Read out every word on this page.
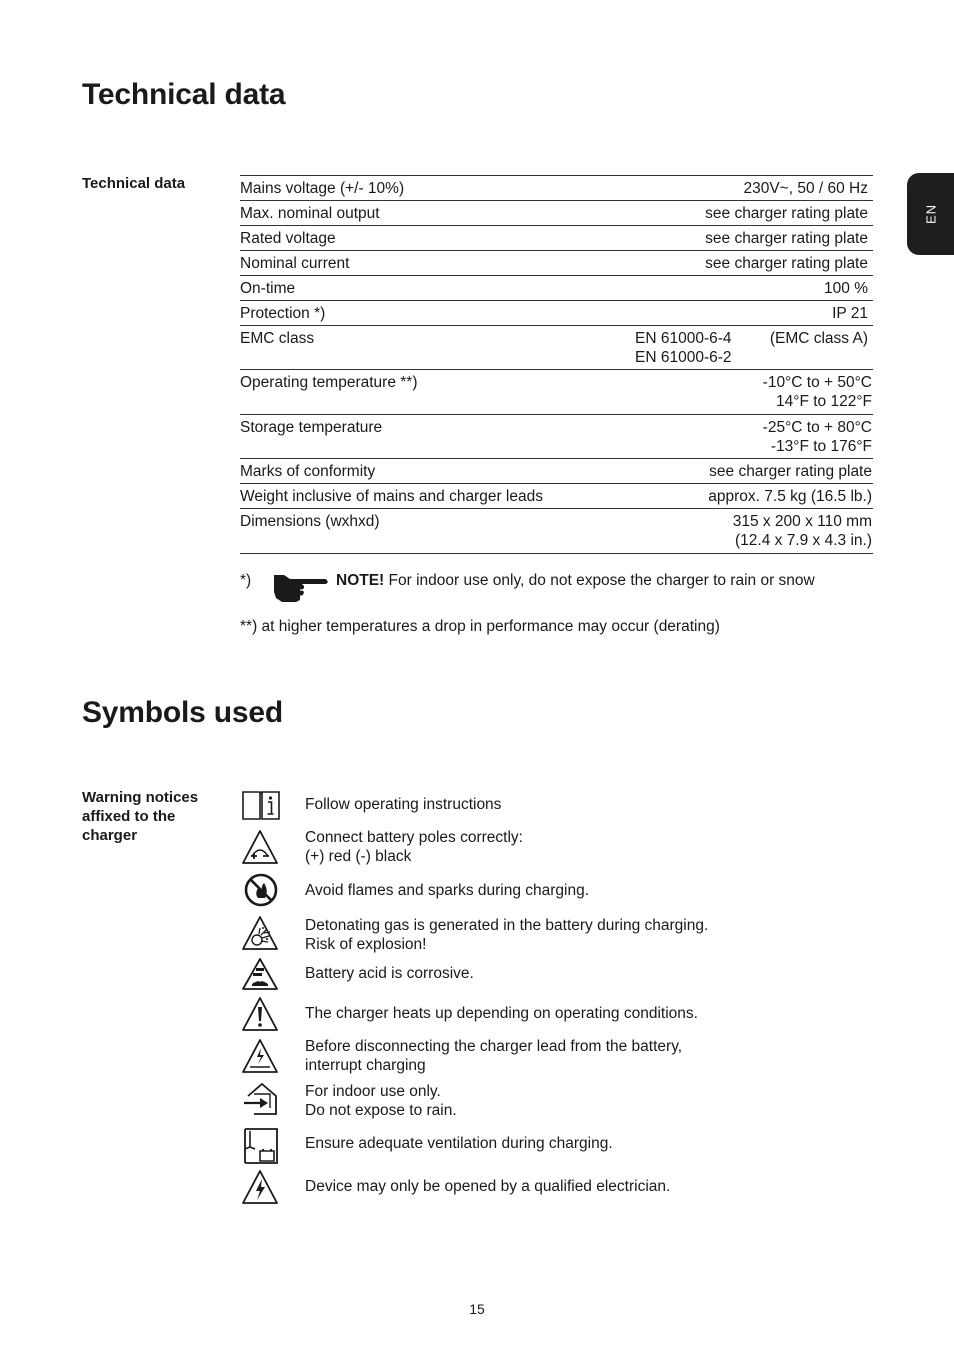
EN
Technical data
Technical data	Mains voltage (+/- 10%)	230V~, 50 / 60 Hz
Max. nominal output	see charger rating plate
Rated voltage	see charger rating plate
Nominal current	see charger rating plate
On-time	100 %
Protection *)	IP 21
EMC class	EN 61000-6-4
EN 61000-6-2
(EMC class A)
Operating temperature **)	-10°C to + 50°C
14°F to 122°F
Storage temperature	-25°C to + 80°C
-13°F to 176°F
Marks of conformity	see charger rating plate
Weight inclusive of mains and charger leads	approx. 7.5 kg (16.5 lb.)
Dimensions (wxhxd)	315 x 200 x 110 mm
(12.4 x 7.9 x 4.3 in.)
*)	NOTE! For indoor use only, do not expose the charger to rain or snow
**) at higher temperatures a drop in performance may occur (derating)
Symbols used
Warning notices affixed to the charger
Follow operating instructions
Connect battery poles correctly:
(+) red (-) black
Avoid flames and sparks during charging.
Detonating gas is generated in the battery during charging.
Risk of explosion!
Battery acid is corrosive.
The charger heats up depending on operating conditions.
Before disconnecting the charger lead from the battery,
interrupt charging
For indoor use only.
Do not expose to rain.
Ensure adequate ventilation during charging.
Device may only be opened by a qualified electrician.
15
